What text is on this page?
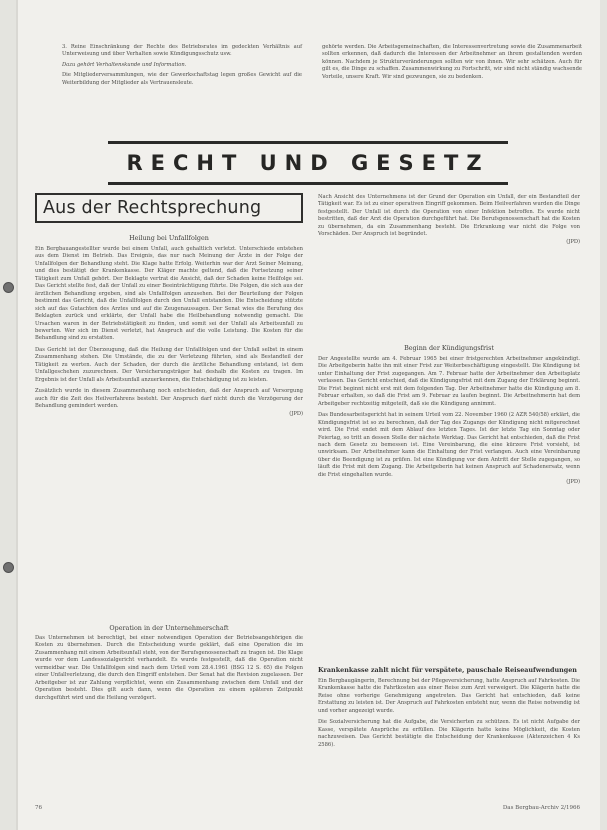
3. Reine Einschränkung der Rechte des Betriebsrates im gedeckten Verhältnis auf Unterweisung und über Verhalten sowie Kündigungsschutz usw.

Dazu gehört Verhaltenskunde und Information.

Die Mitgliederversammlungen, wie der Gewerkschaftstag legen großes Gewicht auf die Weiterbildung der Mitglieder als Vertrauensleute.

gehörte werden. Die Arbeitsgemeinschaften, die Interessenvertretung sowie die Zusammenarbeit sollten erkennen, daß dadurch die Interessen der Arbeitnehmer an ihrem gestaltenden werden können. Nachdem je Strukturveränderungen sollten wir von ihnen. Wir sehr schätzen. Auch für gilt es, die Dinge zu schaffen. Zusammenwirkung zu Fortschritt, wir sind nicht ständig wachsende Vorteile, unsere Kraft. Wir sind gezwungen, sie zu bedenken.

RECHT UND GESETZ
Aus der Rechtsprechung

Heilung bei Unfallfolgen

Ein Bergbauangestellter wurde bei einem Unfall, auch gehaltlich verletzt. Unterschiede entstehen aus dem Dienst im Betrieb. Das Ereignis, das nur nach Meinung der Ärzte in der Folge der Unfallfolgen der Behandlung steht. Die Klage hatte Erfolg. Weiterhin war der Arzt Seiner Meinung, und dies bestätigt der Krankenkasse. Der Kläger machte geltend, daß die Fortsetzung seiner Tätigkeit zum Unfall gehört. Der Beklagte vertrat die Ansicht, daß der Schaden keine Heilfolge sei. Das Gericht stellte fest, daß der Unfall zu einer Beeinträchtigung führte. Die Folgen, die sich aus der ärztlichen Behandlung ergeben, sind als Unfallfolgen anzusehen. Bei der Beurteilung der Folgen bestimmt das Gericht, daß die Unfallfolgen durch den Unfall entstanden. Die Entscheidung stützte sich auf das Gutachten des Arztes und auf die Zeugenaussagen. Der Senat wies die Berufung des Beklagten zurück und erklärte, der Unfall habe die Heilbehandlung notwendig gemacht. Die Ursachen waren in der Betriebstätigkeit zu finden, und somit sei der Unfall als Arbeitsunfall zu bewerten. Wer sich im Dienst verletzt, hat Anspruch auf die volle Leistung. Die Kosten für die Behandlung sind zu erstatten.

Das Gericht ist der Überzeugung, daß die Heilung der Unfallfolgen und der Unfall selbst in einem Zusammenhang stehen. Die Umstände, die zu der Verletzung führten, sind als Bestandteil der Tätigkeit zu werten. Auch der Schaden, der durch die ärztliche Behandlung entstand, ist dem Unfallgeschehen zuzurechnen. Der Versicherungsträger hat deshalb die Kosten zu tragen. Im Ergebnis ist der Unfall als Arbeitsunfall anzuerkennen, die Entschädigung ist zu leisten.

Zusätzlich wurde in diesem Zusammenhang noch entschieden, daß der Anspruch auf Versorgung auch für die Zeit des Heilverfahrens besteht. Der Anspruch darf nicht durch die Verzögerung der Behandlung gemindert werden.

(JPD)

Operation in der Unternehmerschaft

Das Unternehmen ist berechtigt, bei einer notwendigen Operation der Betriebsangehörigen die Kosten zu übernehmen. Durch die Entscheidung wurde geklärt, daß eine Operation die im Zusammenhang mit einem Arbeitsunfall steht, von der Berufsgenossenschaft zu tragen ist. Die Klage wurde vor dem Landessozialgericht verhandelt. Es wurde festgestellt, daß die Operation nicht vermeidbar war. Die Unfallfolgen sind nach dem Urteil vom 28.4.1961 (BSG 12 S. 65) die Folgen einer Unfallverletzung, die durch den Eingriff entstehen. Der Senat hat die Revision zugelassen. Der Arbeitgeber ist zur Zahlung verpflichtet, wenn ein Zusammenhang zwischen dem Unfall und der Operation besteht. Dies gilt auch dann, wenn die Operation zu einem späteren Zeitpunkt durchgeführt wird und die Heilung verzögert.

Nach Ansicht des Unternehmens ist der Grund der Operation ein Unfall, der ein Bestandteil der Tätigkeit war. Es ist zu einer operativen Eingriff gekommen. Beim Heilverfahren wurden die Dinge festgestellt. Der Unfall ist durch die Operation von einer Infektion betroffen. Es wurde nicht bestritten, daß der Arzt die Operation durchgeführt hat. Die Berufsgenossenschaft hat die Kosten zu übernehmen, da ein Zusammenhang besteht. Die Erkrankung war nicht die Folge von Vorschäden. Der Anspruch ist begründet.

(JPD)

Beginn der Kündigungsfrist

Der Angestellte wurde am 4. Februar 1965 bei einer fristgerechten Arbeitnehmer angekündigt. Die Arbeitgeberin hatte ihn mit einer Frist zur Weiterbeschäftigung eingestellt. Die Kündigung ist unter Einhaltung der Frist zugegangen. Am 7. Februar hatte der Arbeitnehmer den Arbeitsplatz verlassen. Das Gericht entschied, daß die Kündigungsfrist mit dem Zugang der Erklärung beginnt. Die Frist beginnt nicht erst mit dem folgenden Tag. Der Arbeitnehmer hatte die Kündigung am 8. Februar erhalten, so daß die Frist am 9. Februar zu laufen beginnt. Die Arbeitnehmerin hat dem Arbeitgeber rechtzeitig mitgeteilt, daß sie die Kündigung annimmt.

Das Bundesarbeitsgericht hat in seinem Urteil vom 22. November 1960 (2 AZR 540/58) erklärt, die Kündigungsfrist ist so zu berechnen, daß der Tag des Zugangs der Kündigung nicht mitgerechnet wird. Die Frist endet mit dem Ablauf des letzten Tages. Ist der letzte Tag ein Sonntag oder Feiertag, so tritt an dessen Stelle der nächste Werktag. Das Gericht hat entschieden, daß die Frist nach dem Gesetz zu bemessen ist. Eine Vereinbarung, die eine kürzere Frist vorsieht, ist unwirksam. Der Arbeitnehmer kann die Einhaltung der Frist verlangen. Auch eine Vereinbarung über die Beendigung ist zu prüfen. Ist eine Kündigung vor dem Antritt der Stelle zugegangen, so läuft die Frist mit dem Zugang. Die Arbeitgeberin hat keinen Anspruch auf Schadenersatz, wenn die Frist eingehalten wurde.

(JPD)

Krankenkasse zahlt nicht für verspätete, pauschale Reiseaufwendungen

Ein Bergbaugängerin, Berechnung bei der Pflegeversicherung, hatte Anspruch auf Fahrkosten. Die Krankenkasse hatte die Fahrtkosten aus einer Reise zum Arzt verweigert. Die Klägerin hatte die Reise ohne vorherige Genehmigung angetreten. Das Gericht hat entschieden, daß keine Erstattung zu leisten ist. Der Anspruch auf Fahrkosten entsteht nur, wenn die Reise notwendig ist und vorher angezeigt wurde.

Die Sozialversicherung hat die Aufgabe, die Versicherten zu schützen. Es ist nicht Aufgabe der Kasse, verspätete Ansprüche zu erfüllen. Die Klägerin hatte keine Möglichkeit, die Kosten nachzuweisen. Das Gericht bestätigte die Entscheidung der Krankenkasse (Aktenzeichen 4 Ks 2586).

76	Das Bergbau-Archiv 2/1966
